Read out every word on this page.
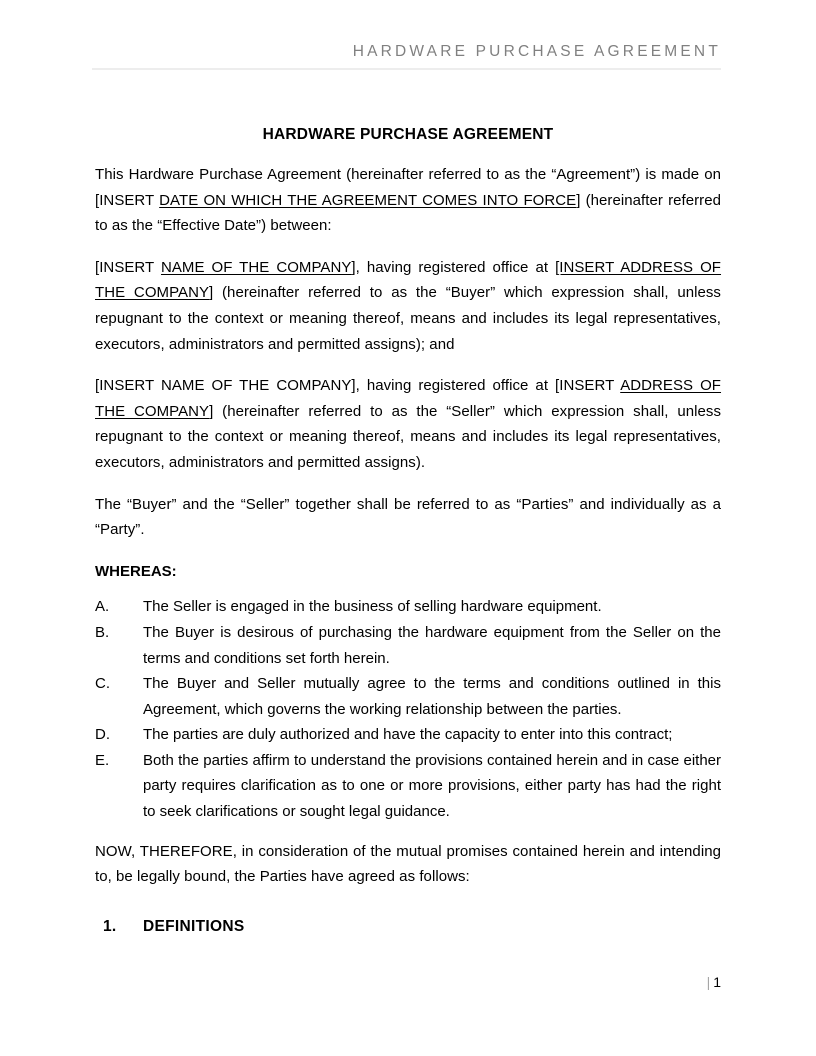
HARDWARE PURCHASE AGREEMENT
HARDWARE PURCHASE AGREEMENT

This Hardware Purchase Agreement (hereinafter referred to as the “Agreement”) is made on [INSERT DATE ON WHICH THE AGREEMENT COMES INTO FORCE] (hereinafter referred to as the “Effective Date”) between:

[INSERT NAME OF THE COMPANY], having registered office at [INSERT ADDRESS OF THE COMPANY] (hereinafter referred to as the “Buyer” which expression shall, unless repugnant to the context or meaning thereof, means and includes its legal representatives, executors, administrators and permitted assigns); and

[INSERT NAME OF THE COMPANY], having registered office at [INSERT ADDRESS OF THE COMPANY] (hereinafter referred to as the “Seller” which expression shall, unless repugnant to the context or meaning thereof, means and includes its legal representatives, executors, administrators and permitted assigns).

The “Buyer” and the “Seller” together shall be referred to as “Parties” and individually as a “Party”.

WHEREAS:
A.	The Seller is engaged in the business of selling hardware equipment.
B.	The Buyer is desirous of purchasing the hardware equipment from the Seller on the terms and conditions set forth herein.
C.	The Buyer and Seller mutually agree to the terms and conditions outlined in this Agreement, which governs the working relationship between the parties.
D.	The parties are duly authorized and have the capacity to enter into this contract;
E.	Both the parties affirm to understand the provisions contained herein and in case either party requires clarification as to one or more provisions, either party has had the right to seek clarifications or sought legal guidance.

NOW, THEREFORE, in consideration of the mutual promises contained herein and intending to, be legally bound, the Parties have agreed as follows:

1. DEFINITIONS
| 1
